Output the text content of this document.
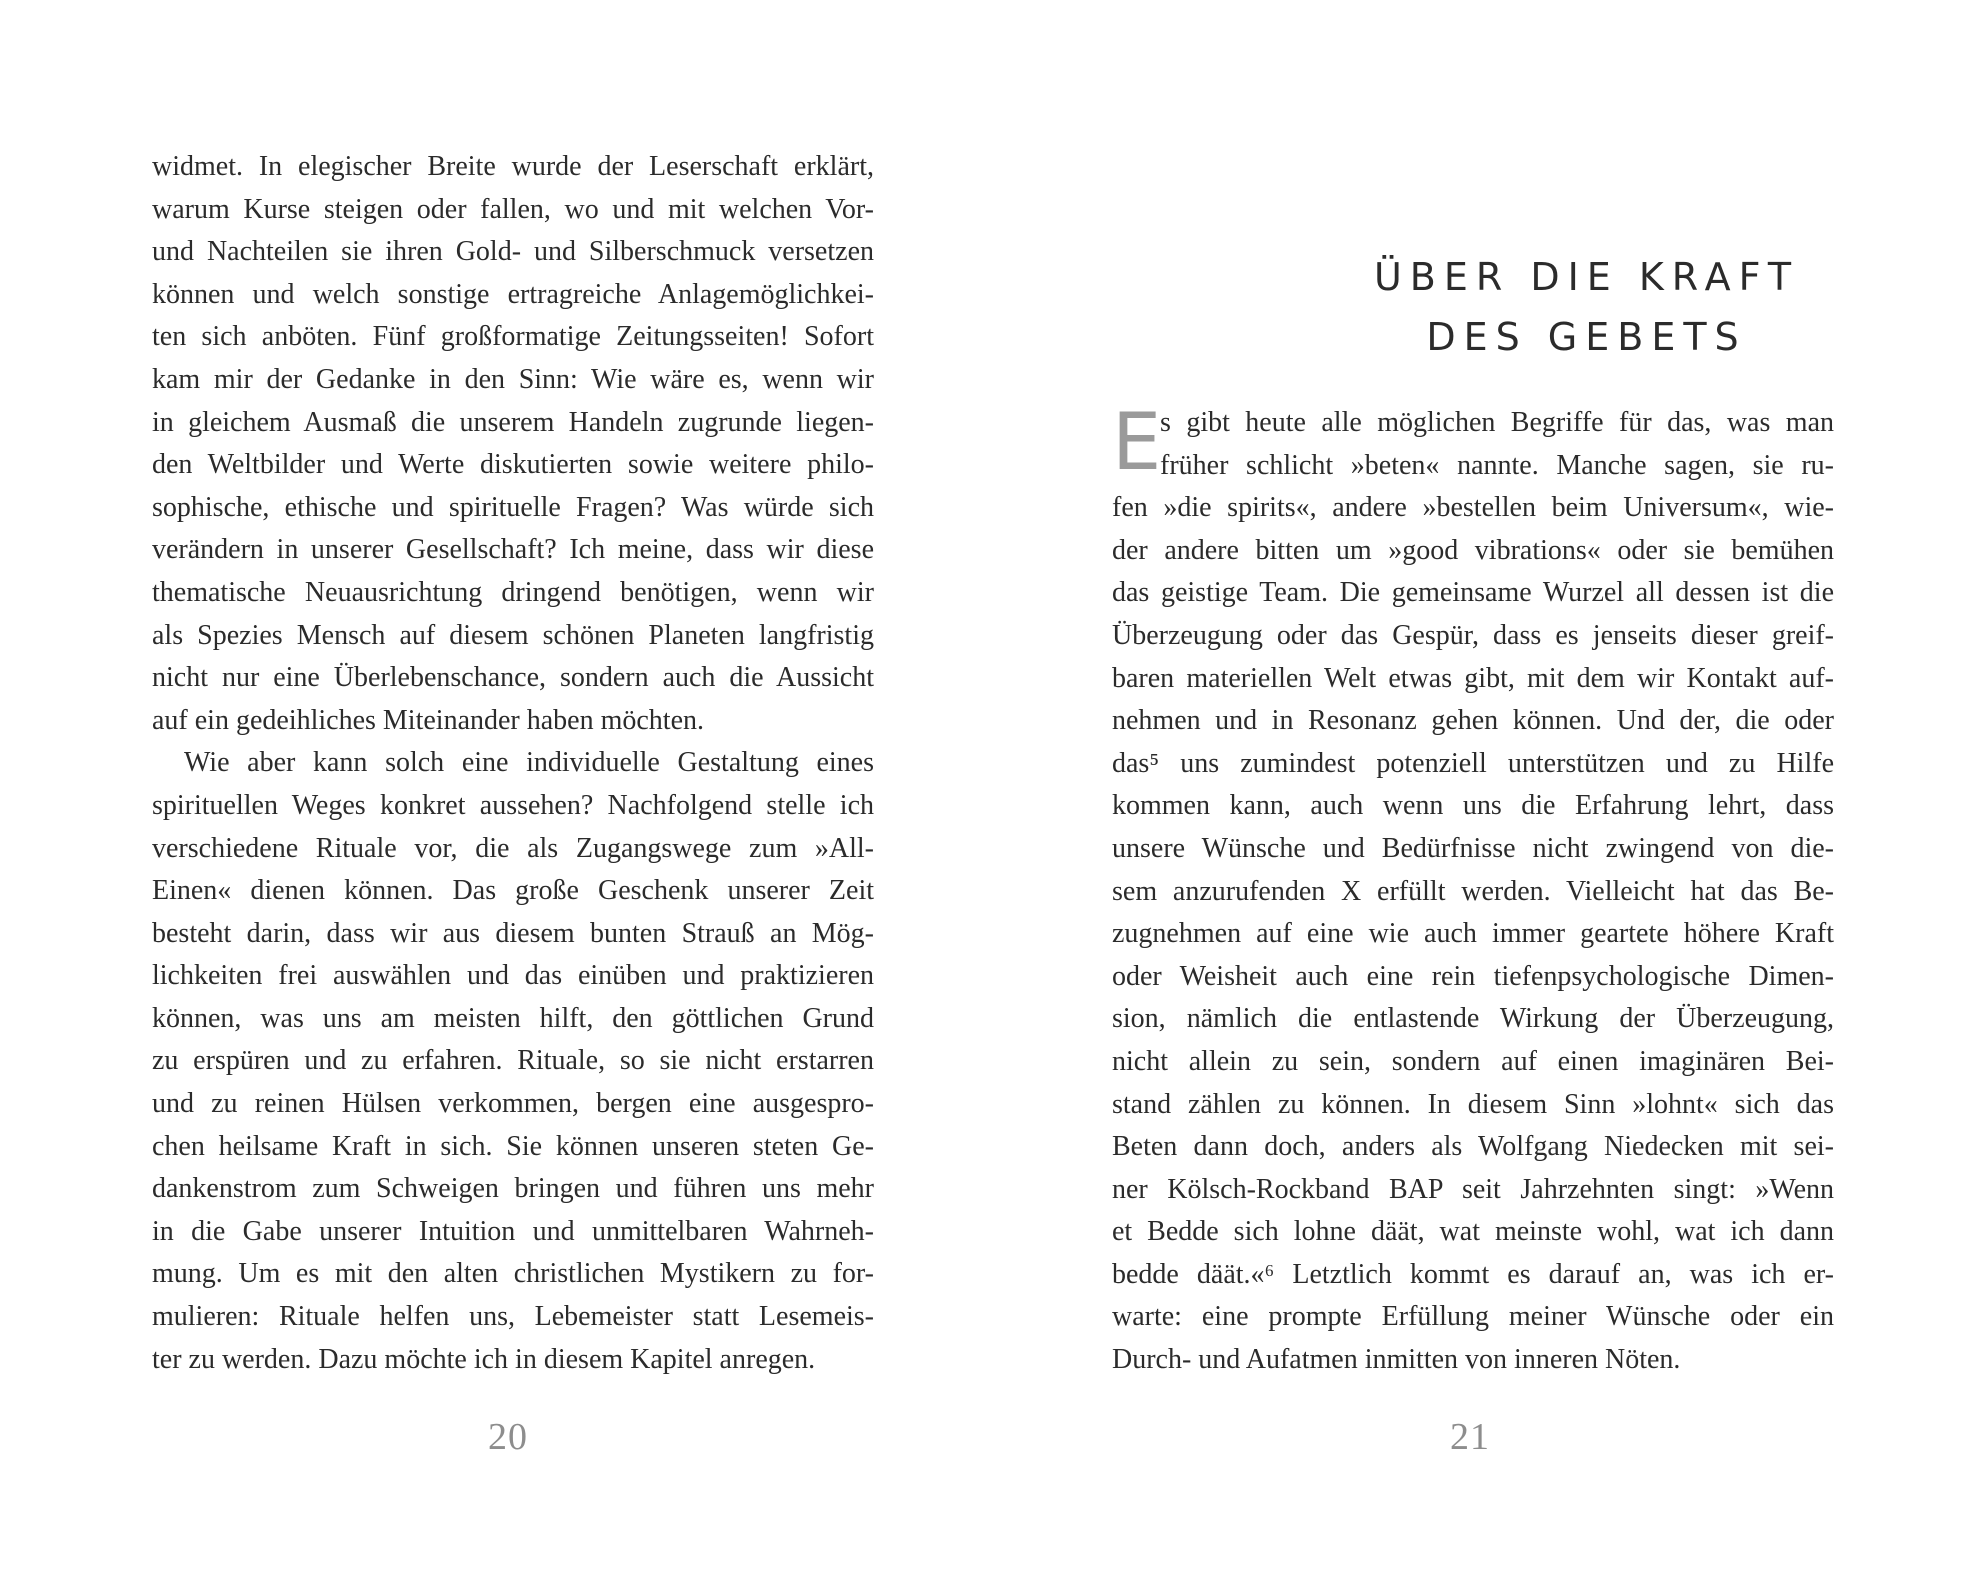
widmet. In elegischer Breite wurde der Leserschaft erklärt,
warum Kurse steigen oder fallen, wo und mit welchen Vor-
und Nachteilen sie ihren Gold- und Silberschmuck versetzen
können und welch sonstige ertragreiche Anlagemöglichkei-
ten sich anböten. Fünf großformatige Zeitungsseiten! Sofort
kam mir der Gedanke in den Sinn: Wie wäre es, wenn wir
in gleichem Ausmaß die unserem Handeln zugrunde liegen-
den Weltbilder und Werte diskutierten sowie weitere philo-
sophische, ethische und spirituelle Fragen? Was würde sich
verändern in unserer Gesellschaft? Ich meine, dass wir diese
thematische Neuausrichtung dringend benötigen, wenn wir
als Spezies Mensch auf diesem schönen Planeten langfristig
nicht nur eine Überlebenschance, sondern auch die Aussicht
auf ein gedeihliches Miteinander haben möchten.
Wie aber kann solch eine individuelle Gestaltung eines
spirituellen Weges konkret aussehen? Nachfolgend stelle ich
verschiedene Rituale vor, die als Zugangswege zum »All-
Einen« dienen können. Das große Geschenk unserer Zeit
besteht darin, dass wir aus diesem bunten Strauß an Mög-
lichkeiten frei auswählen und das einüben und praktizieren
können, was uns am meisten hilft, den göttlichen Grund
zu erspüren und zu erfahren. Rituale, so sie nicht erstarren
und zu reinen Hülsen verkommen, bergen eine ausgespro-
chen heilsame Kraft in sich. Sie können unseren steten Ge-
dankenstrom zum Schweigen bringen und führen uns mehr
in die Gabe unserer Intuition und unmittelbaren Wahrneh-
mung. Um es mit den alten christlichen Mystikern zu for-
mulieren: Rituale helfen uns, Lebemeister statt Lesemeis-
ter zu werden. Dazu möchte ich in diesem Kapitel anregen.
20
ÜBER DIE KRAFT
DES GEBETS
E
s gibt heute alle möglichen Begriffe für das, was man
früher schlicht »beten« nannte. Manche sagen, sie ru-
fen »die spirits«, andere »bestellen beim Universum«, wie-
der andere bitten um »good vibrations« oder sie bemühen
das geistige Team. Die gemeinsame Wurzel all dessen ist die
Überzeugung oder das Gespür, dass es jenseits dieser greif-
baren materiellen Welt etwas gibt, mit dem wir Kontakt auf-
nehmen und in Resonanz gehen können. Und der, die oder
das⁵ uns zumindest potenziell unterstützen und zu Hilfe
kommen kann, auch wenn uns die Erfahrung lehrt, dass
unsere Wünsche und Bedürfnisse nicht zwingend von die-
sem anzurufenden X erfüllt werden. Vielleicht hat das Be-
zugnehmen auf eine wie auch immer geartete höhere Kraft
oder Weisheit auch eine rein tiefenpsychologische Dimen-
sion, nämlich die entlastende Wirkung der Überzeugung,
nicht allein zu sein, sondern auf einen imaginären Bei-
stand zählen zu können. In diesem Sinn »lohnt« sich das
Beten dann doch, anders als Wolfgang Niedecken mit sei-
ner Kölsch-Rockband BAP seit Jahrzehnten singt: »Wenn
et Bedde sich lohne däät, wat meinste wohl, wat ich dann
bedde däät.«⁶ Letztlich kommt es darauf an, was ich er-
warte: eine prompte Erfüllung meiner Wünsche oder ein
Durch- und Aufatmen inmitten von inneren Nöten.
21
